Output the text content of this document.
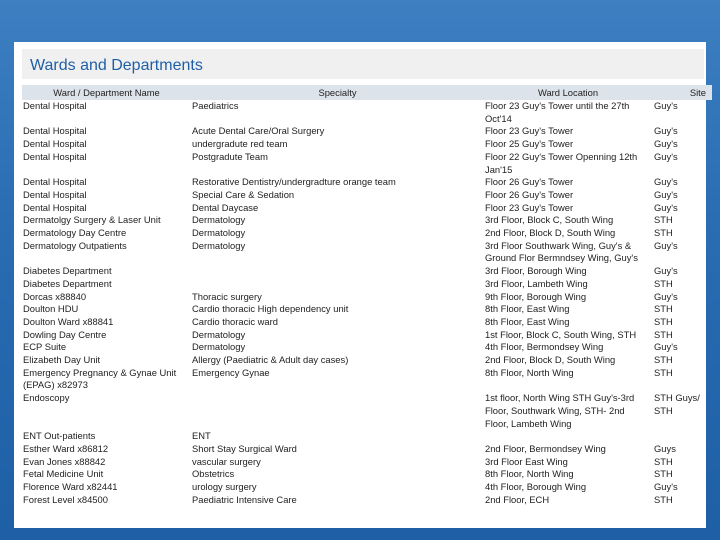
Wards and Departments
Ward / Department Name	Specialty	Ward Location	Site
Dental Hospital	Paediatrics	Floor 23 Guy's Tower until the 27th Oct'14	Guy's
Dental Hospital	Acute Dental Care/Oral Surgery	Floor 23 Guy's Tower	Guy's
Dental Hospital	undergradute red team	Floor 25 Guy's Tower	Guy's
Dental Hospital	Postgradute Team	Floor 22 Guy's Tower Openning 12th Jan'15	Guy's
Dental Hospital	Restorative Dentistry/undergradture orange team	Floor 26 Guy's Tower	Guy's
Dental Hospital	Special Care & Sedation	Floor 26 Guy's Tower	Guy's
Dental Hospital	Dental Daycase	Floor 23 Guy's Tower	Guy's
Dermatolgy Surgery & Laser Unit	Dermatology	3rd Floor, Block C, South Wing	STH
Dermatology Day Centre	Dermatology	2nd Floor, Block D, South Wing	STH
Dermatology Outpatients	Dermatology	3rd Floor Southwark Wing, Guy's & Ground Flor Bermndsey Wing, Guy's	Guy's
Diabetes Department		3rd Floor, Borough Wing	Guy's
Diabetes Department		3rd Floor, Lambeth Wing	STH
Dorcas x88840	Thoracic surgery	9th Floor, Borough Wing	Guy's
Doulton HDU	Cardio thoracic High dependency unit	8th Floor, East Wing	STH
Doulton Ward x88841	Cardio thoracic ward	8th Floor, East Wing	STH
Dowling Day Centre	Dermatology	1st Floor, Block C, South Wing, STH	STH
ECP Suite	Dermatology	4th Floor, Bermondsey Wing	Guy's
Elizabeth Day Unit	Allergy (Paediatric & Adult day cases)	2nd Floor, Block D, South Wing	STH
Emergency Pregnancy & Gynae Unit (EPAG) x82973	Emergency Gynae	8th Floor, North Wing	STH
Endoscopy		1st floor, North Wing STH Guy's-3rd Floor, Southwark Wing, STH- 2nd Floor, Lambeth Wing	STH Guys/ STH
ENT Out-patients	ENT		
Esther Ward x86812	Short Stay Surgical Ward	2nd Floor, Bermondsey Wing	Guys
Evan Jones x88842	vascular surgery	3rd Floor East Wing	STH
Fetal Medicine Unit	Obstetrics	8th Floor, North Wing	STH
Florence Ward x82441	urology surgery	4th Floor, Borough Wing	Guy's
Forest Level x84500	Paediatric Intensive Care	2nd Floor, ECH	STH
